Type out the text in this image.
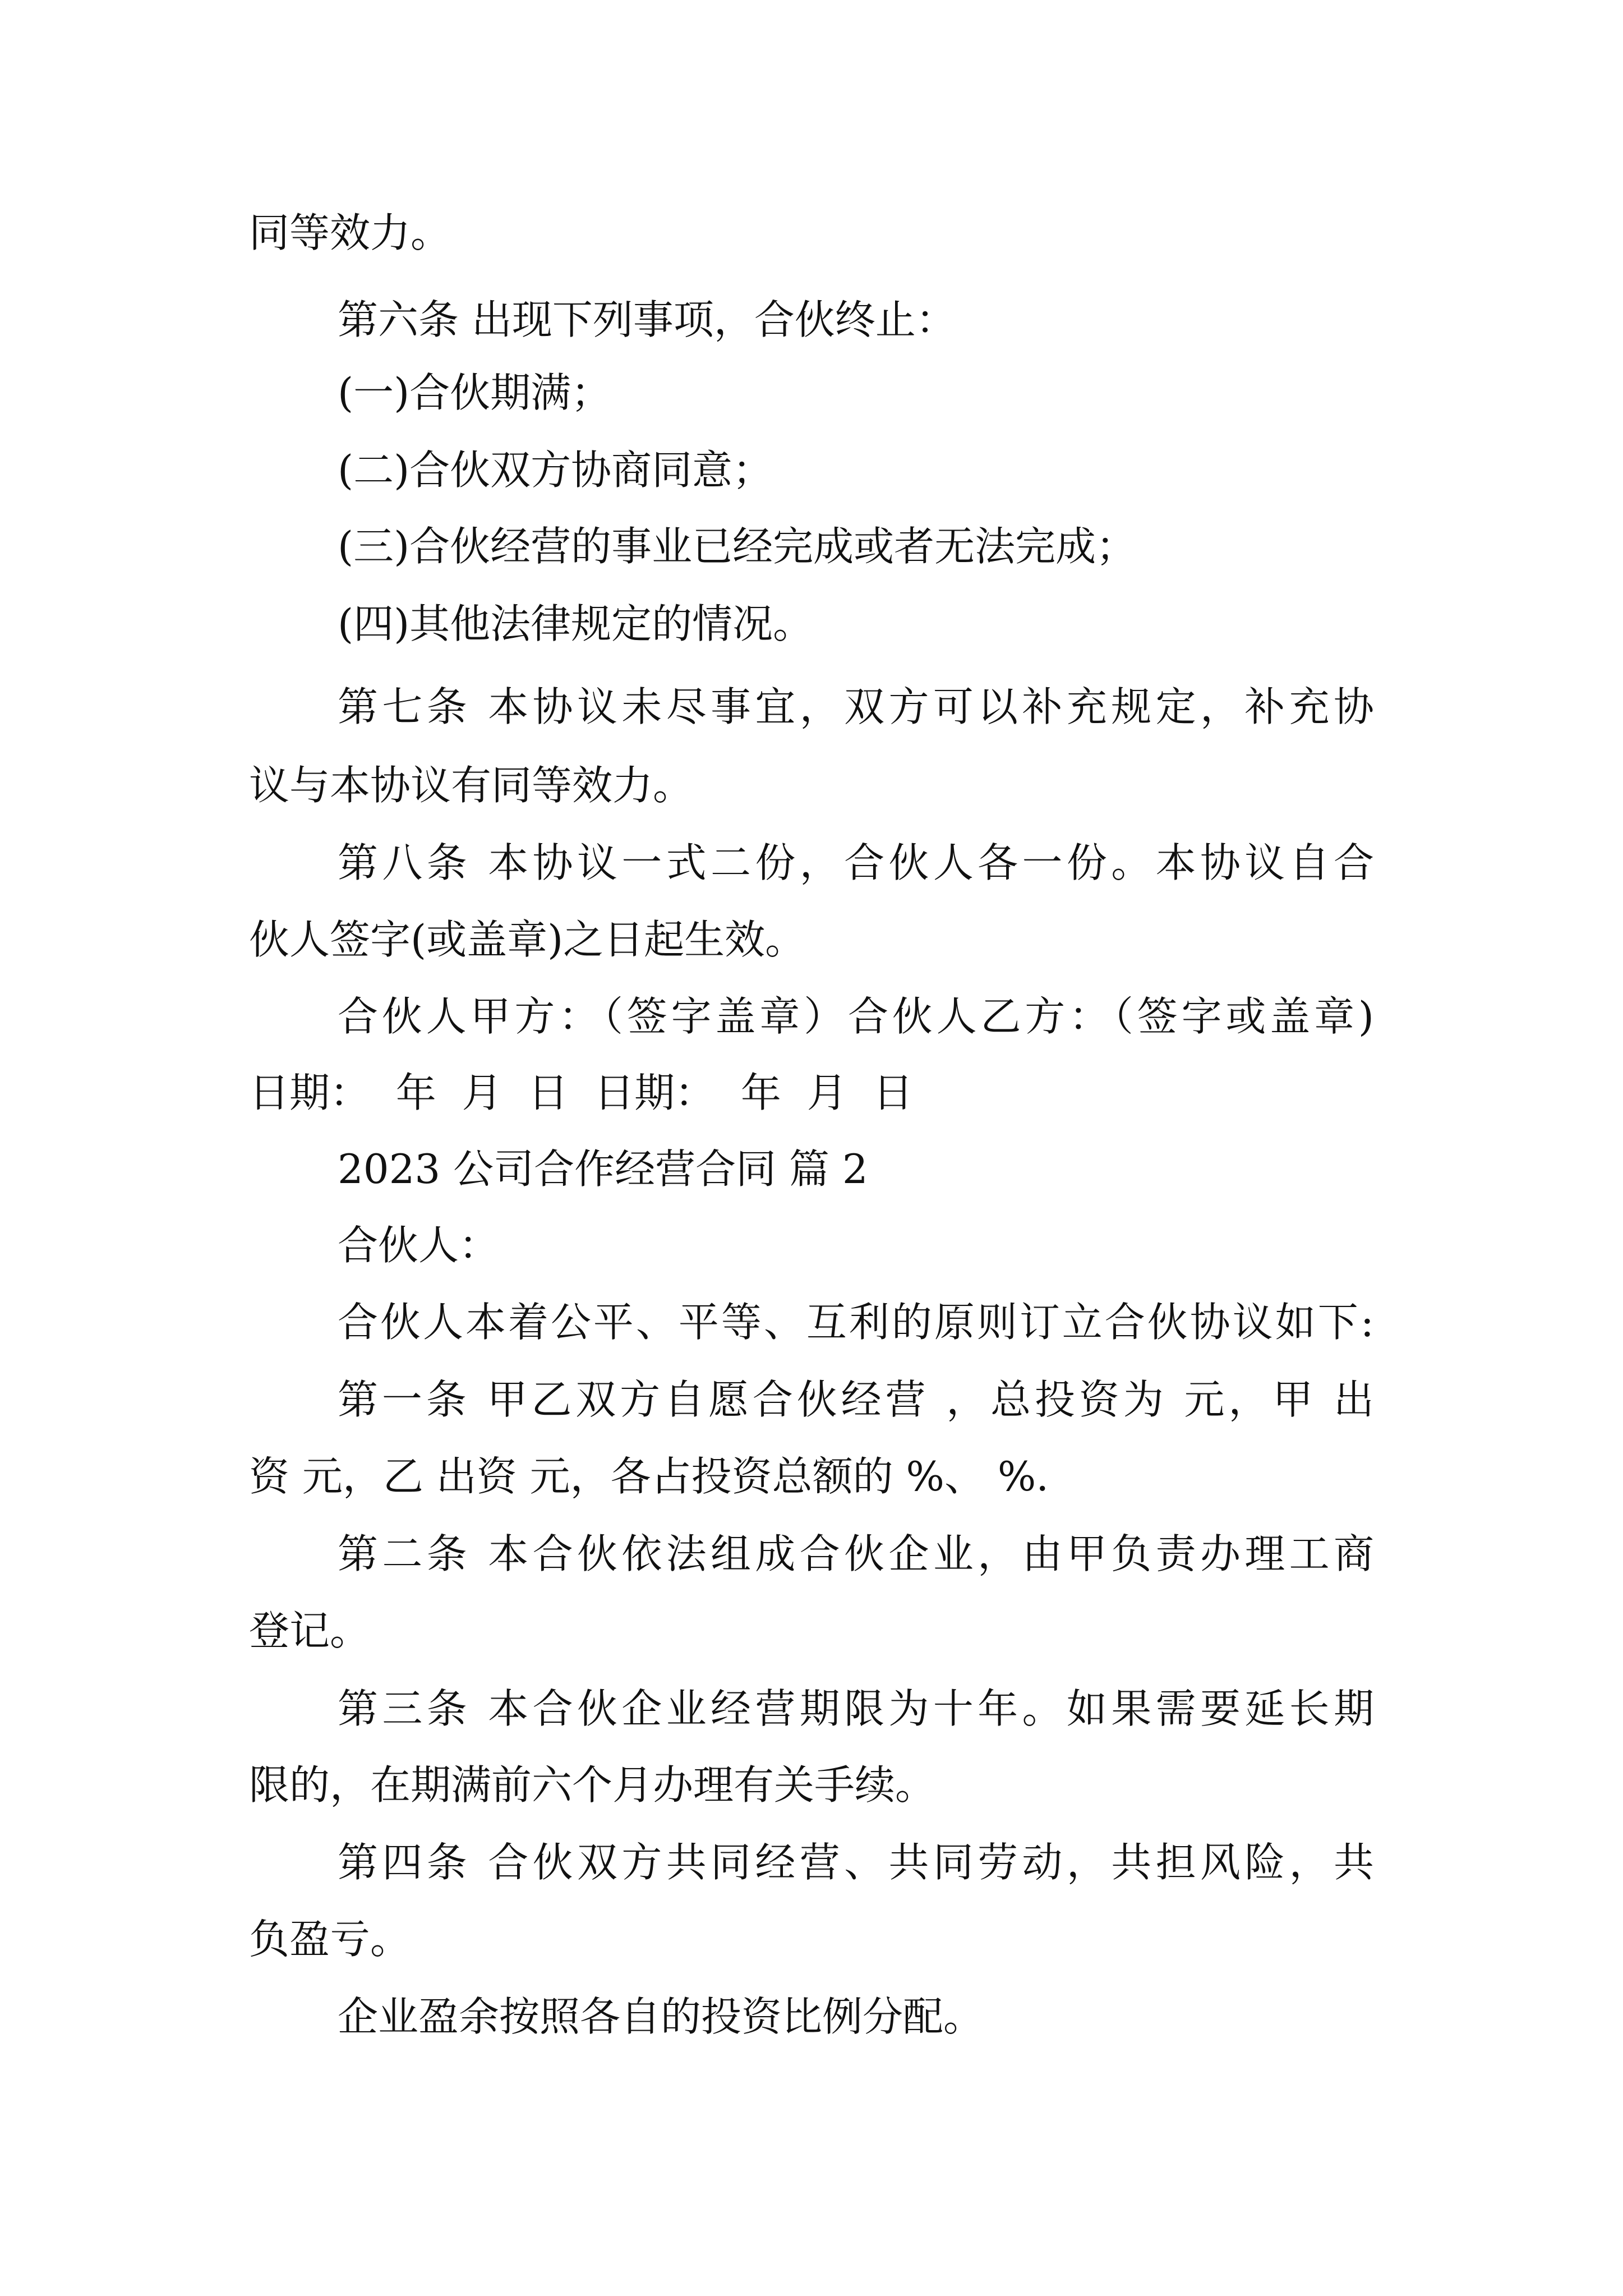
同等效力。

第六条 出现下列事项，合伙终止：

(一)合伙期满；

(二)合伙双方协商同意；

(三)合伙经营的事业已经完成或者无法完成；

(四)其他法律规定的情况。

第七条 本协议未尽事宜，双方可以补充规定，补充协

议与本协议有同等效力。

第八条 本协议一式二份，合伙人各一份。本协议自合

伙人签字(或盖章)之日起生效。

合伙人甲方：（签字盖章）合伙人乙方：（签字或盖章)

日期：  年  月  日  日期：  年  月  日

2023 公司合作经营合同 篇 2

合伙人：

合伙人本着公平、平等、互利的原则订立合伙协议如下:

第一条 甲乙双方自愿合伙经营 ，总投资为 元，甲 出

资 元，乙 出资 元，各占投资总额的 %、 %.

第二条 本合伙依法组成合伙企业，由甲负责办理工商

登记。

第三条 本合伙企业经营期限为十年。如果需要延长期

限的，在期满前六个月办理有关手续。

第四条 合伙双方共同经营、共同劳动，共担风险，共

负盈亏。

企业盈余按照各自的投资比例分配。
